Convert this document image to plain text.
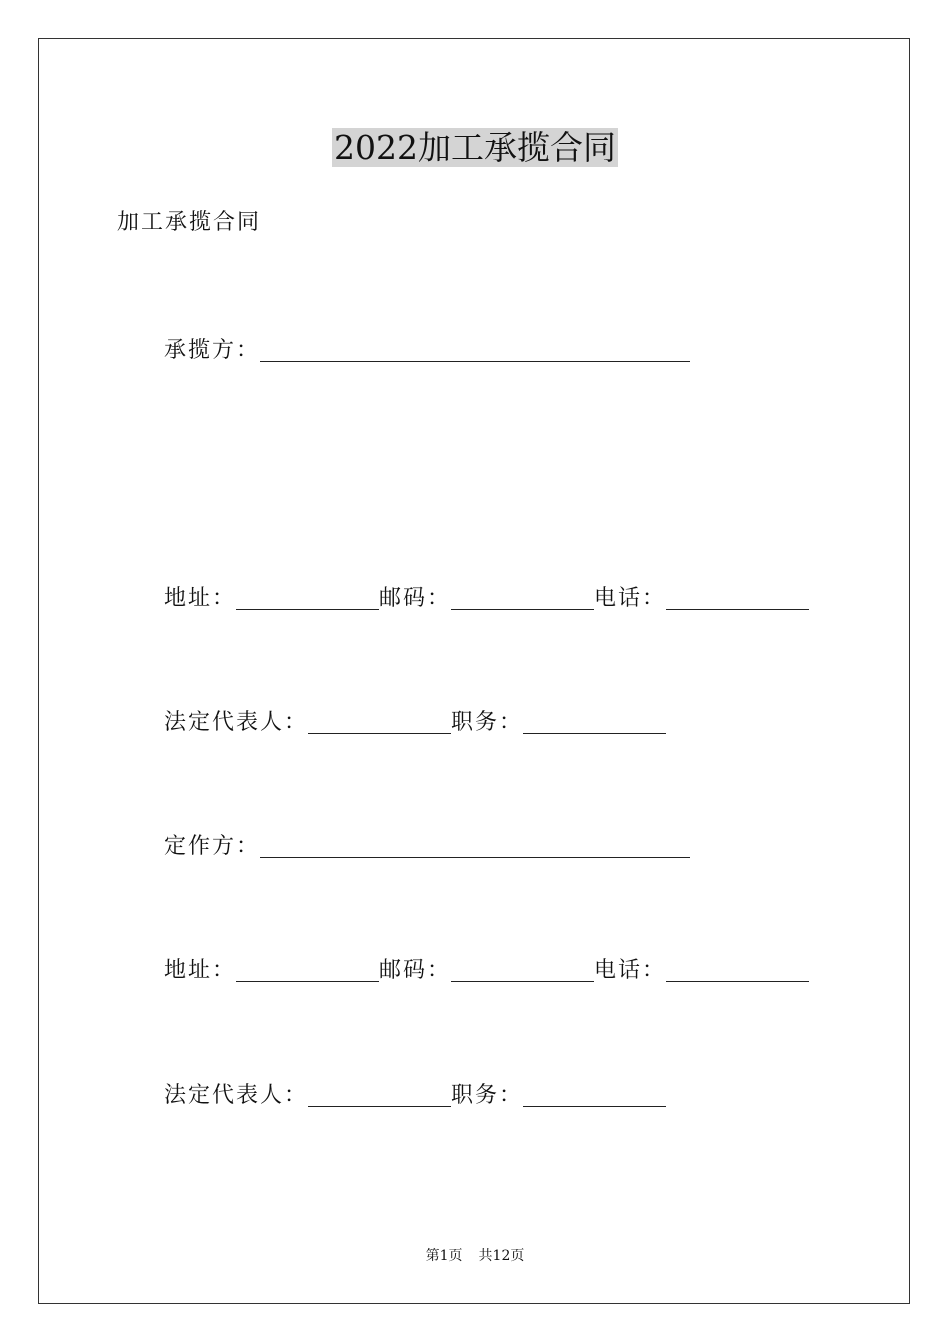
2022加工承揽合同
加工承揽合同
承揽方：
地址：	邮码：	电话：
法定代表人：	职务：
定作方：
地址：	邮码：	电话：
法定代表人：	职务：
第1页 共12页
